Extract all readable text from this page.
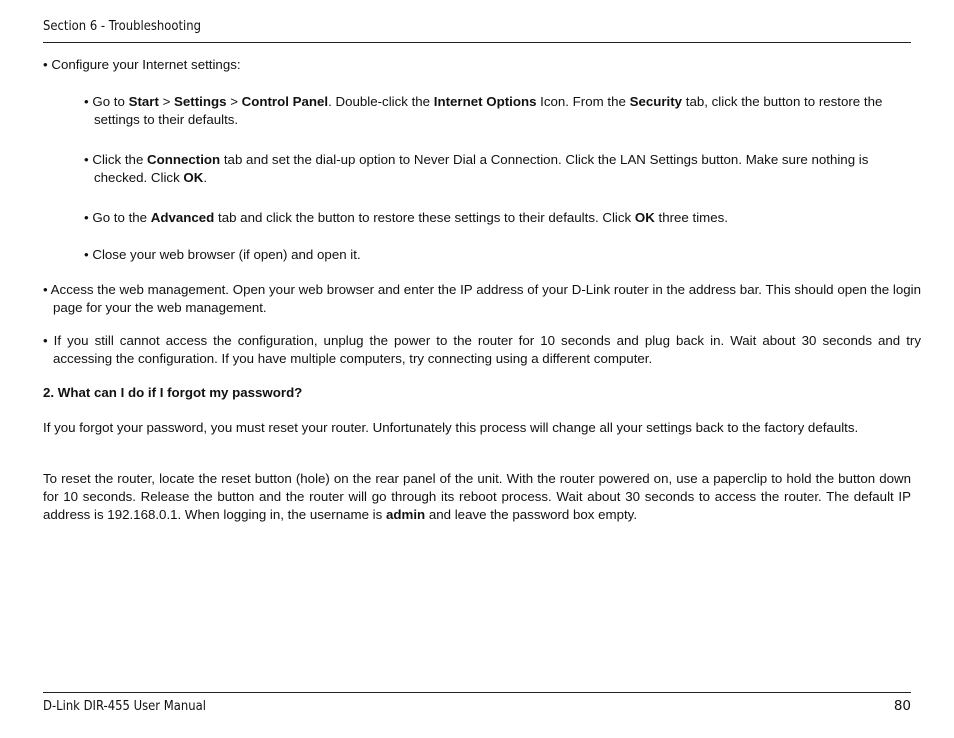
Section 6 - Troubleshooting
• Configure your Internet settings:
• Go to Start > Settings > Control Panel. Double-click the Internet Options Icon. From the Security tab, click the button to restore the settings to their defaults.
• Click the Connection tab and set the dial-up option to Never Dial a Connection. Click the LAN Settings button. Make sure nothing is checked. Click OK.
• Go to the Advanced tab and click the button to restore these settings to their defaults. Click OK three times.
• Close your web browser (if open) and open it.
• Access the web management. Open your web browser and enter the IP address of your D-Link router in the address bar. This should open the login page for your the web management.
• If you still cannot access the configuration, unplug the power to the router for 10 seconds and plug back in. Wait about 30 seconds and try accessing the configuration. If you have multiple computers, try connecting using a different computer.
2. What can I do if I forgot my password?
If you forgot your password, you must reset your router. Unfortunately this process will change all your settings back to the factory defaults.
To reset the router, locate the reset button (hole) on the rear panel of the unit. With the router powered on, use a paperclip to hold the button down for 10 seconds. Release the button and the router will go through its reboot process. Wait about 30 seconds to access the router. The default IP address is 192.168.0.1. When logging in, the username is admin and leave the password box empty.
D-Link DIR-455 User Manual	80
